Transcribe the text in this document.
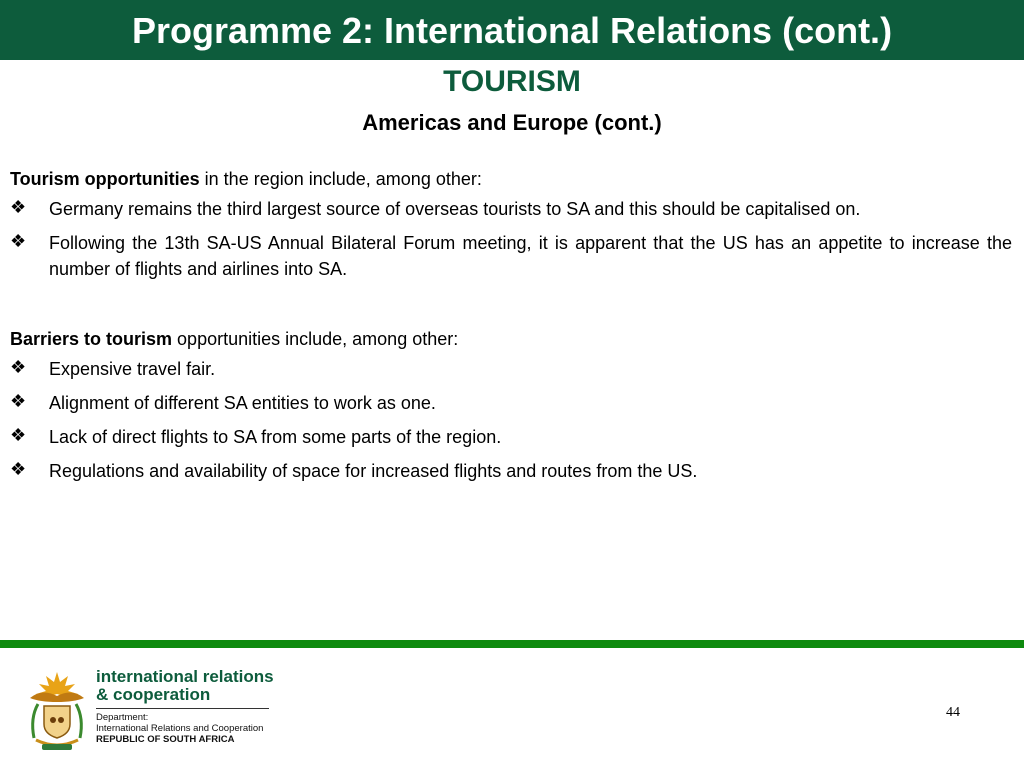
Programme 2: International Relations (cont.)
TOURISM
Americas and Europe (cont.)

Tourism opportunities in the region include, among other:

❖ Germany remains the third largest source of overseas tourists to SA and this should be capitalised on.
❖ Following the 13th SA-US Annual Bilateral Forum meeting, it is apparent that the US has an appetite to increase the number of flights and airlines into SA.

Barriers to tourism opportunities include, among other:

❖ Expensive travel fair.
❖ Alignment of different SA entities to work as one.
❖ Lack of direct flights to SA from some parts of the region.
❖ Regulations and availability of space for increased flights and routes from the US.
international relations
& cooperation
Department:
International Relations and Cooperation
REPUBLIC OF SOUTH AFRICA
44
